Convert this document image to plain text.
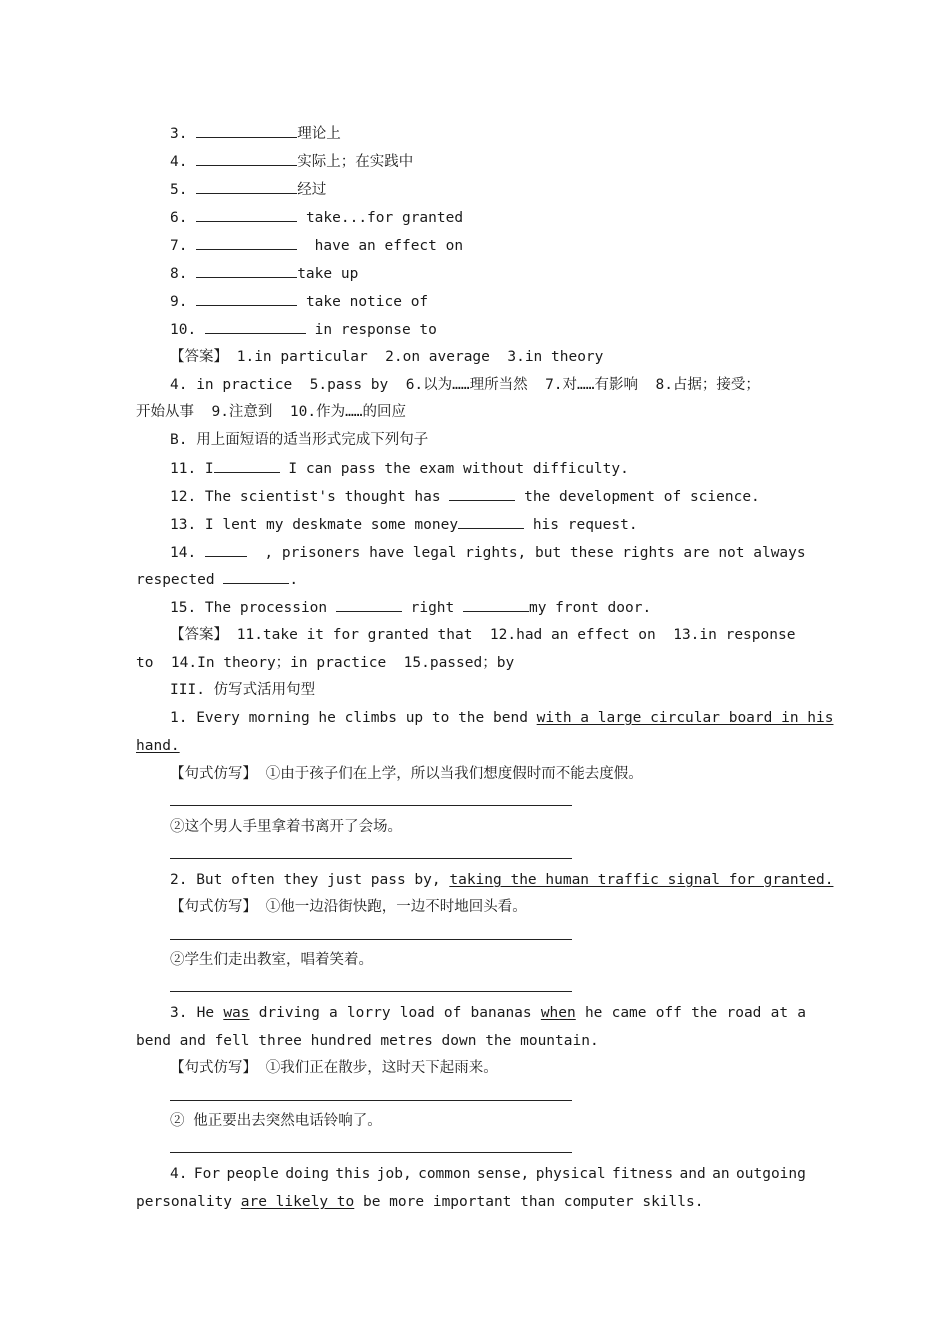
3.	理论上
4.	实际上；在实践中
5.	经过
6.	take...for granted
7.	have an effect on
8.	take up
9.	take notice of
10.	in response to
【答案】 1.in particular  2.on average  3.in theory
4. in practice  5.pass by  6.以为……理所当然  7.对……有影响  8.占据；接受；
开始从事  9.注意到  10.作为……的回应
B. 用上面短语的适当形式完成下列句子
11. I	I can pass the exam without difficulty.
12. The scientist's thought has	the development of science.
13. I lent my deskmate some money	his request.
14.	, prisoners have legal rights, but these rights are not always
respected	.
15. The procession	right	my front door.
【答案】 11.take it for granted that  12.had an effect on  13.in response
to  14.In theory；in practice  15.passed；by
III. 仿写式活用句型
1. Every morning he climbs up to the bend with a large circular board in his
hand.
【句式仿写】 ①由于孩子们在上学，所以当我们想度假时而不能去度假。
②这个男人手里拿着书离开了会场。
2. But often they just pass by, taking the human traffic signal for granted.
【句式仿写】 ①他一边沿街快跑，一边不时地回头看。
②学生们走出教室，唱着笑着。
3. He was driving a lorry load of bananas when he came off the road at a
bend and fell three hundred metres down the mountain.
【句式仿写】 ①我们正在散步，这时天下起雨来。
② 他正要出去突然电话铃响了。
4. For people doing this job, common sense, physical fitness and an outgoing
personality are likely to be more important than computer skills.
